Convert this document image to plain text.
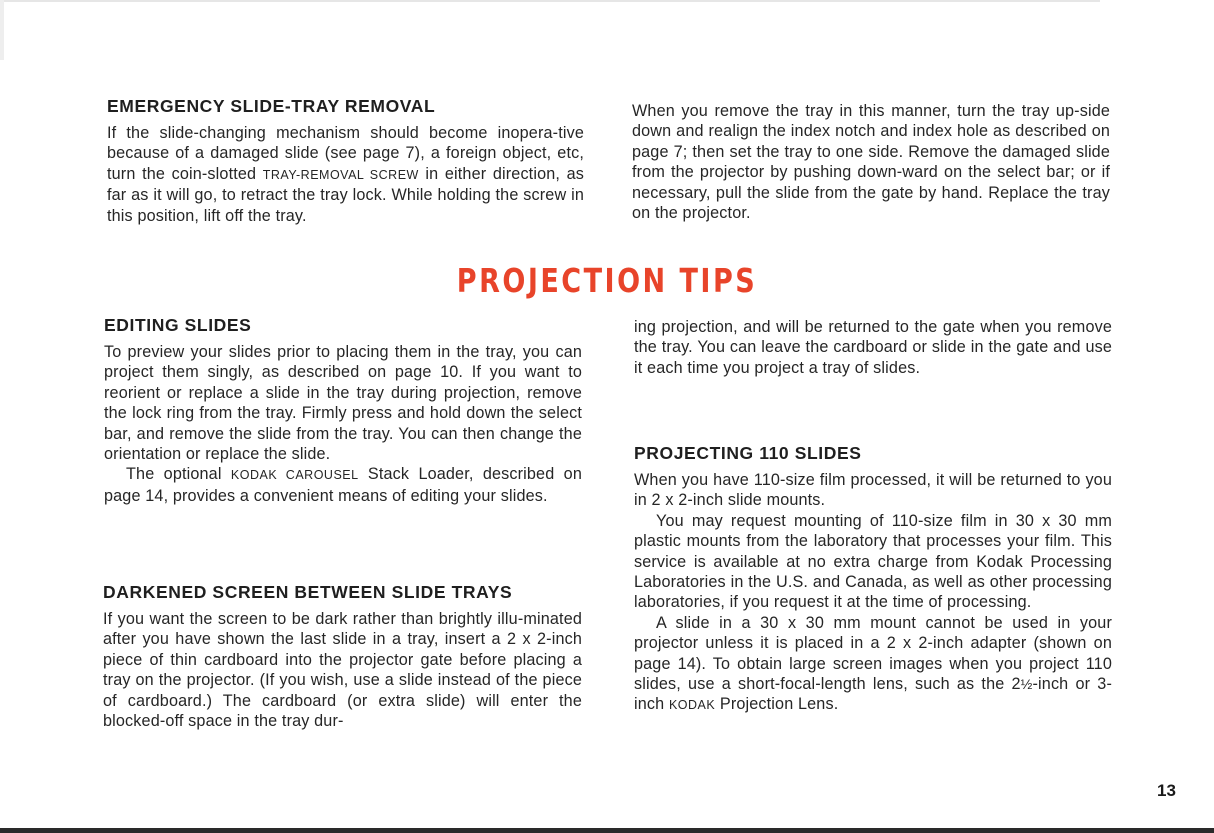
EMERGENCY SLIDE-TRAY REMOVAL

If the slide-changing mechanism should become inopera-tive because of a damaged slide (see page 7), a foreign object, etc, turn the coin-slotted TRAY-REMOVAL SCREW in either direction, as far as it will go, to retract the tray lock. While holding the screw in this position, lift off the tray.

When you remove the tray in this manner, turn the tray up-side down and realign the index notch and index hole as described on page 7; then set the tray to one side. Remove the damaged slide from the projector by pushing down-ward on the select bar; or if necessary, pull the slide from the gate by hand. Replace the tray on the projector.

PROJECTION TIPS
EDITING SLIDES

To preview your slides prior to placing them in the tray, you can project them singly, as described on page 10. If you want to reorient or replace a slide in the tray during projection, remove the lock ring from the tray. Firmly press and hold down the select bar, and remove the slide from the tray. You can then change the orientation or replace the slide.

The optional KODAK CAROUSEL Stack Loader, described on page 14, provides a convenient means of editing your slides.

DARKENED SCREEN BETWEEN SLIDE TRAYS

If you want the screen to be dark rather than brightly illu-minated after you have shown the last slide in a tray, insert a 2 x 2-inch piece of thin cardboard into the projector gate before placing a tray on the projector. (If you wish, use a slide instead of the piece of cardboard.) The cardboard (or extra slide) will enter the blocked-off space in the tray dur-

ing projection, and will be returned to the gate when you remove the tray. You can leave the cardboard or slide in the gate and use it each time you project a tray of slides.

PROJECTING 110 SLIDES

When you have 110-size film processed, it will be returned to you in 2 x 2-inch slide mounts.

You may request mounting of 110-size film in 30 x 30 mm plastic mounts from the laboratory that processes your film. This service is available at no extra charge from Kodak Processing Laboratories in the U.S. and Canada, as well as other processing laboratories, if you request it at the time of processing.

A slide in a 30 x 30 mm mount cannot be used in your projector unless it is placed in a 2 x 2-inch adapter (shown on page 14). To obtain large screen images when you project 110 slides, use a short-focal-length lens, such as the 2½-inch or 3-inch KODAK Projection Lens.

13
